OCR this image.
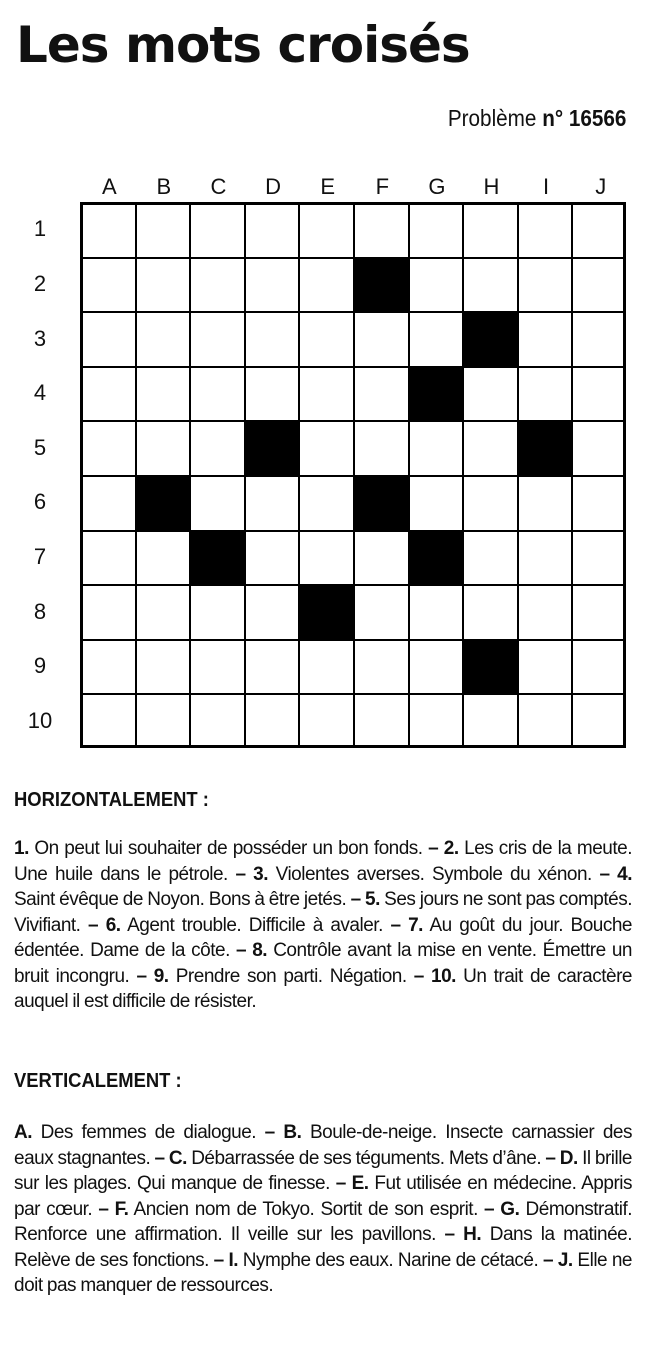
Les mots croisés
Problème n° 16566
A	B	C	D	E	F	G	H	I	J
1
2
3
4
5
6
7
8
9
10
HORIZONTALEMENT :

1. On peut lui souhaiter de posséder un bon fonds. – 2. Les cris de la meute. Une huile dans le pétrole. – 3. Violentes averses. Symbole du xénon. – 4. Saint évêque de Noyon. Bons à être jetés. – 5. Ses jours ne sont pas comptés. Vivifiant. – 6. Agent trouble. Difficile à avaler. – 7. Au goût du jour. Bouche édentée. Dame de la côte. – 8. Contrôle avant la mise en vente. Émettre un bruit incongru. – 9. Prendre son parti. Négation. – 10. Un trait de caractère auquel il est difficile de résister.

VERTICALEMENT :

A. Des femmes de dialogue. – B. Boule-de-neige. Insecte carnassier des eaux stagnantes. – C. Débarrassée de ses téguments. Mets d’âne. – D. Il brille sur les plages. Qui manque de finesse. – E. Fut utilisée en médecine. Appris par cœur. – F. Ancien nom de Tokyo. Sortit de son esprit. – G. Démonstratif. Renforce une affirmation. Il veille sur les pavillons. – H. Dans la matinée. Relève de ses fonctions. – I. Nymphe des eaux. Narine de cétacé. – J. Elle ne doit pas manquer de ressources.
